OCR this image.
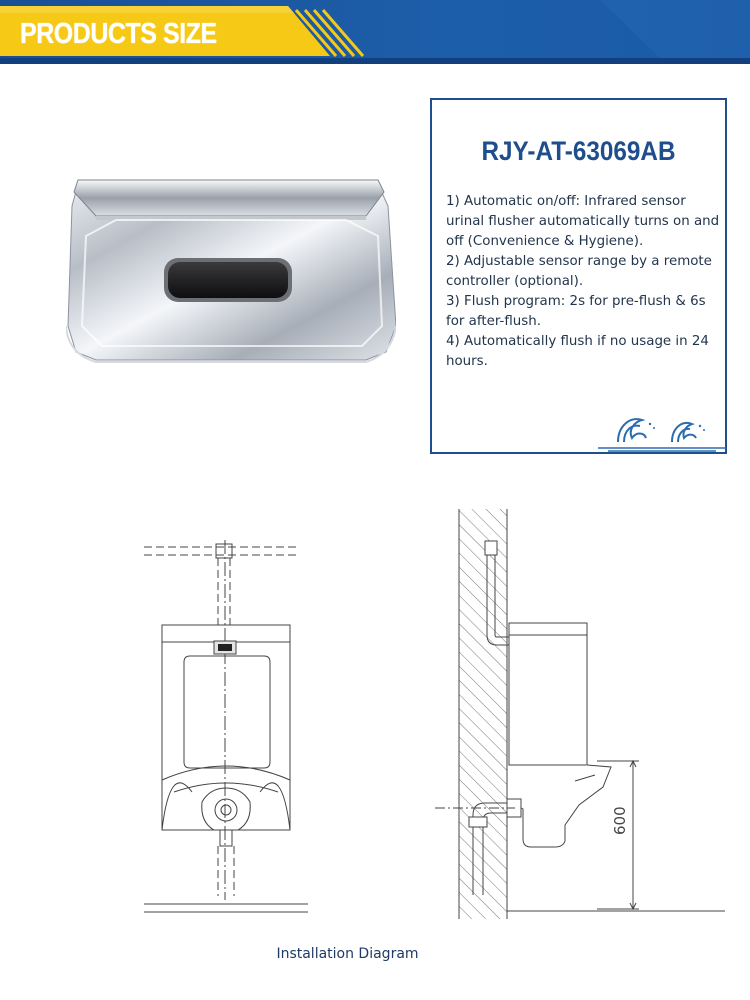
PRODUCTS SIZE
RJY-AT-63069AB

1) Automatic on/off: Infrared sensor urinal flusher automatically turns on and off (Convenience & Hygiene).

2) Adjustable sensor range by a remote controller (optional).

3) Flush program: 2s for pre-flush & 6s for after-flush.

4) Automatically flush if no usage in 24 hours.

600
Installation Diagram
